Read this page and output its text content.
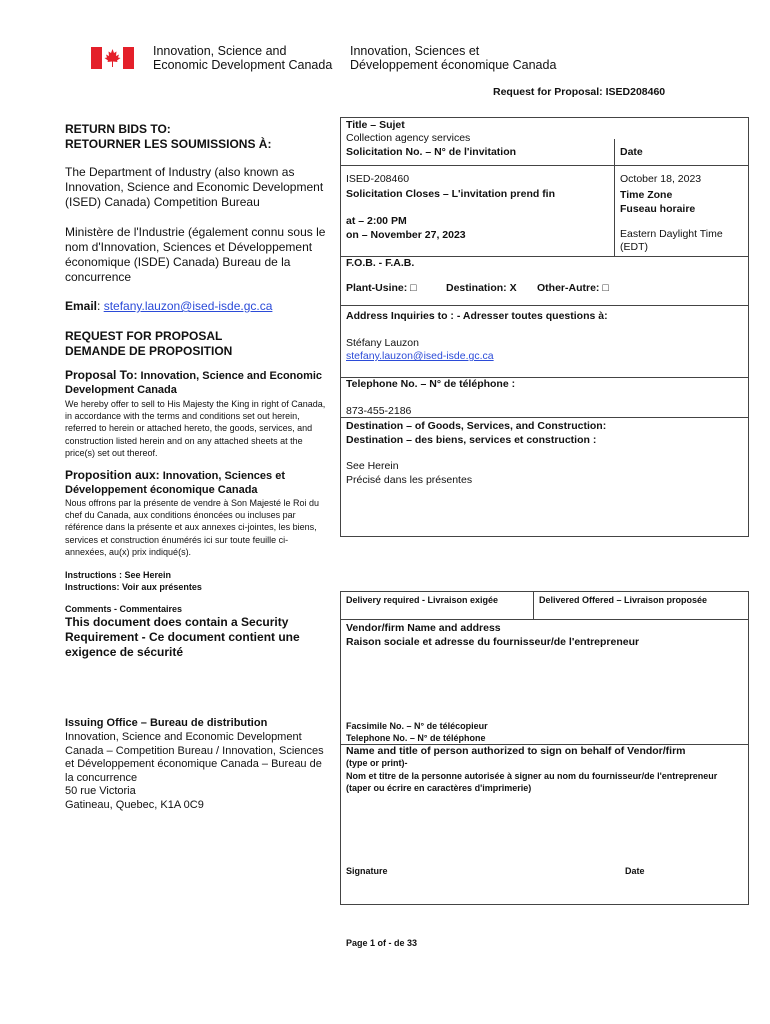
Innovation, Science and
Economic Development Canada
Innovation, Sciences et
Développement économique Canada
Request for Proposal: ISED208460
RETURN BIDS TO:
RETOURNER LES SOUMISSIONS À:
The Department of Industry (also known as Innovation, Science and Economic Development (ISED) Canada) Competition Bureau
Ministère de l'Industrie (également connu sous le nom d'Innovation, Sciences et Développement économique (ISDE) Canada) Bureau de la concurrence
Email: stefany.lauzon@ised-isde.gc.ca
REQUEST FOR PROPOSAL
DEMANDE DE PROPOSITION
Proposal To: Innovation, Science and Economic Development Canada
We hereby offer to sell to His Majesty the King in right of Canada, in accordance with the terms and conditions set out herein, referred to herein or attached hereto, the goods, services, and construction listed herein and on any attached sheets at the price(s) set out thereof.
Proposition aux: Innovation, Sciences et Développement économique Canada
Nous offrons par la présente de vendre à Son Majesté le Roi du chef du Canada, aux conditions énoncées ou incluses par référence dans la présente et aux annexes ci-jointes, les biens, services et construction énumérés ici sur toute feuille ci-annexées, au(x) prix indiqué(s).
Instructions : See Herein
Instructions: Voir aux présentes
Comments - Commentaires
This document does contain a Security Requirement - Ce document contient une exigence de sécurité
Issuing Office – Bureau de distribution
Innovation, Science and Economic Development Canada – Competition Bureau / Innovation, Sciences et Développement économique Canada – Bureau de la concurrence
50 rue Victoria
Gatineau, Quebec, K1A 0C9
Title – Sujet
Collection agency services
Solicitation No. – N° de l'invitation	Date
ISED-208460	October 18, 2023
Solicitation Closes – L'invitation prend fin	Time Zone
Fuseau horaire
at – 2:00 PM
on – November 27, 2023	Eastern Daylight Time
(EDT)
F.O.B. - F.A.B.
Plant-Usine: □	Destination: X Other-Autre: □
Address Inquiries to : - Adresser toutes questions à:
Stéfany Lauzon
stefany.lauzon@ised-isde.gc.ca
Telephone No. – N° de téléphone :
873-455-2186
Destination – of Goods, Services, and Construction:
Destination – des biens, services et construction :
See Herein
Précisé dans les présentes
Delivery required - Livraison exigée	Delivered Offered – Livraison proposée
Vendor/firm Name and address
Raison sociale et adresse du fournisseur/de l'entrepreneur
Facsimile No. – N° de télécopieur
Telephone No. – N° de téléphone
Name and title of person authorized to sign on behalf of Vendor/firm
(type or print)-
Nom et titre de la personne autorisée à signer au nom du fournisseur/de l'entrepreneur (taper ou écrire en caractères d'imprimerie)
Signature	Date
Page 1 of - de 33
